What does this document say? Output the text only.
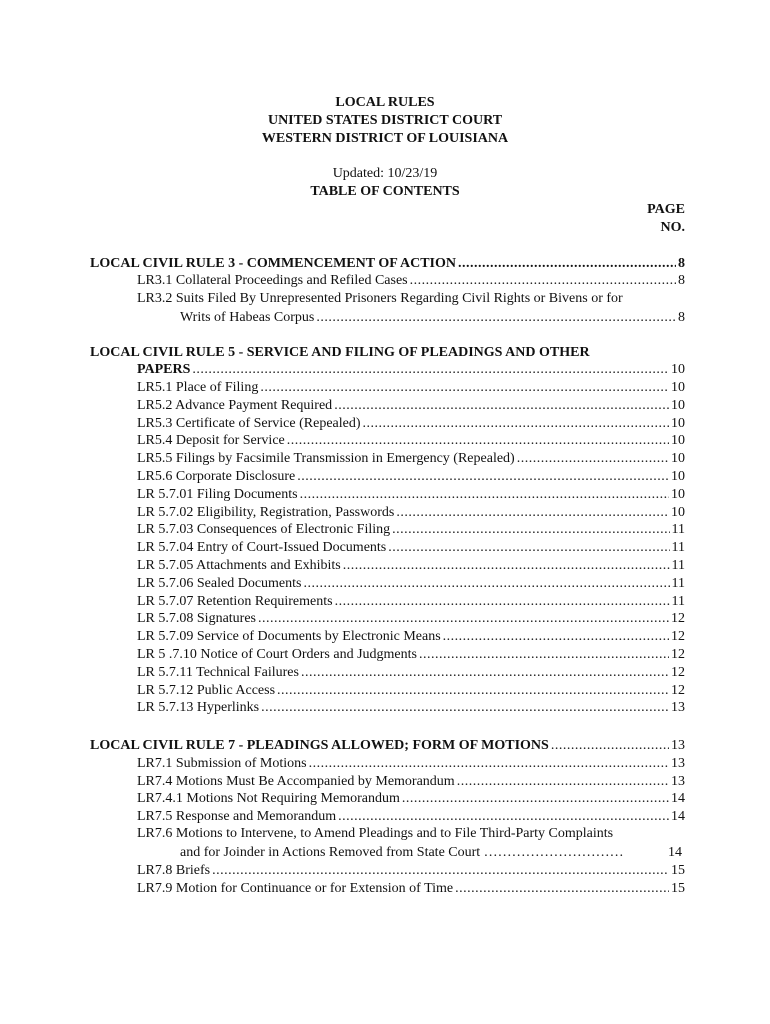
LOCAL RULES
UNITED STATES DISTRICT COURT
WESTERN DISTRICT OF LOUISIANA
Updated: 10/23/19
TABLE OF CONTENTS
PAGE
NO.
LOCAL CIVIL RULE 3 - COMMENCEMENT OF ACTION .....	8
LR3.1 Collateral Proceedings and Refiled Cases .....	8
LR3.2 Suits Filed By Unrepresented Prisoners Regarding Civil Rights or Bivens or for
Writs of Habeas Corpus .....	8
LOCAL CIVIL RULE 5 - SERVICE AND FILING OF PLEADINGS AND OTHER
PAPERS .....	10
LR5.1 Place of Filing .....	10
LR5.2 Advance Payment Required .....	10
LR5.3 Certificate of Service (Repealed) .....	10
LR5.4 Deposit for Service .....	10
LR5.5 Filings by Facsimile Transmission in Emergency (Repealed) .....	10
LR5.6 Corporate Disclosure .....	10
LR 5.7.01 Filing Documents .....	10
LR 5.7.02 Eligibility, Registration, Passwords .....	10
LR 5.7.03 Consequences of Electronic Filing .....	11
LR 5.7.04 Entry of Court-Issued Documents .....	11
LR 5.7.05 Attachments and Exhibits .....	11
LR 5.7.06 Sealed Documents .....	11
LR 5.7.07 Retention Requirements .....	11
LR 5.7.08 Signatures .....	12
LR 5.7.09 Service of Documents by Electronic Means .....	12
LR 5 .7.10 Notice of Court Orders and Judgments .....	12
LR 5.7.11 Technical Failures .....	12
LR 5.7.12 Public Access .....	12
LR 5.7.13 Hyperlinks .....	13
LOCAL CIVIL RULE 7 - PLEADINGS ALLOWED; FORM OF MOTIONS .....	13
LR7.1 Submission of Motions .....	13
LR7.4 Motions Must Be Accompanied by Memorandum .....	13
LR7.4.1 Motions Not Requiring Memorandum .....	14
LR7.5 Response and Memorandum .....	14
LR7.6 Motions to Intervene, to Amend Pleadings and to File Third-Party Complaints
and for Joinder in Actions Removed from State Court …………………………	14
LR7.8 Briefs .....	15
LR7.9 Motion for Continuance or for Extension of Time .....	15
